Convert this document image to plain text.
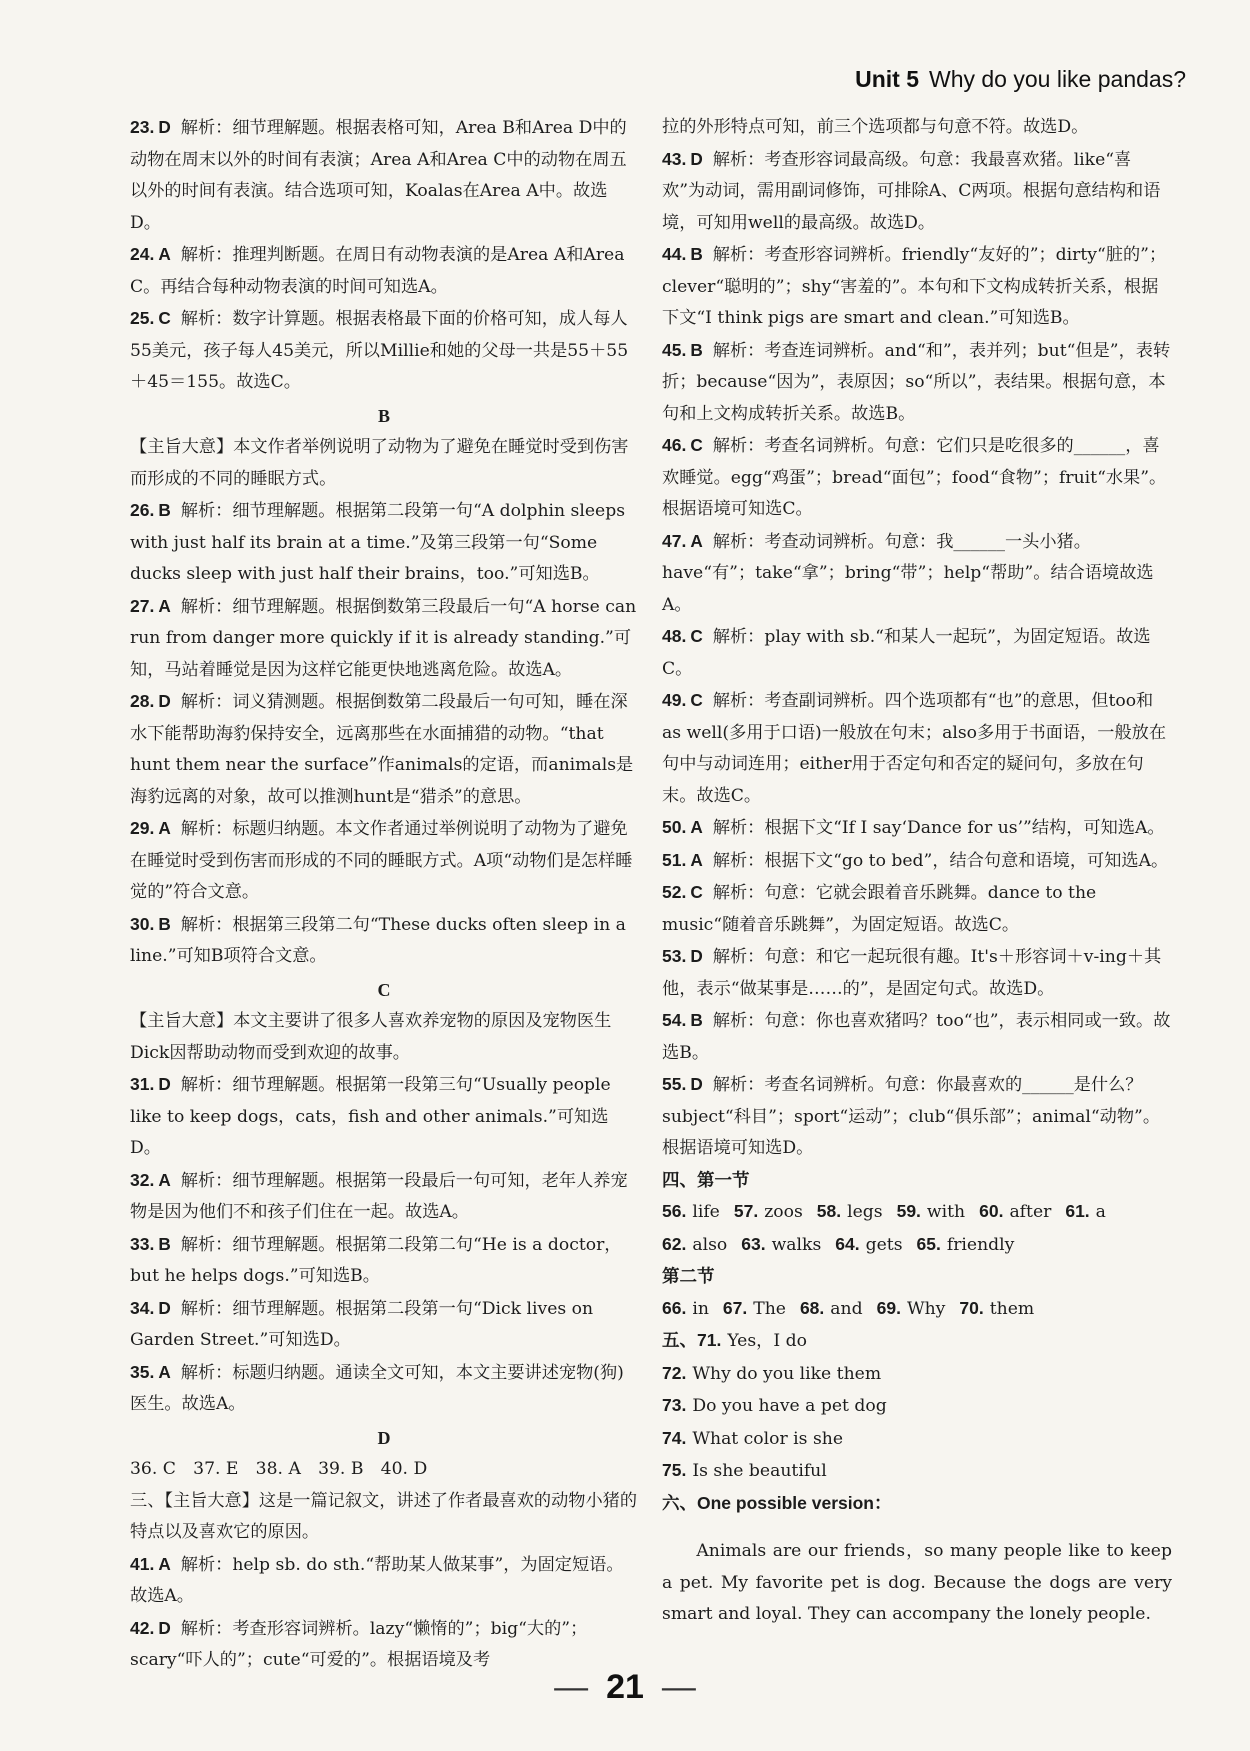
Unit 5 Why do you like pandas?

23. D 解析：细节理解题。根据表格可知，Area B和Area D中的动物在周末以外的时间有表演；Area A和Area C中的动物在周五以外的时间有表演。结合选项可知，Koalas在Area A中。故选D。

24. A 解析：推理判断题。在周日有动物表演的是Area A和Area C。再结合每种动物表演的时间可知选A。

25. C 解析：数字计算题。根据表格最下面的价格可知，成人每人55美元，孩子每人45美元，所以Millie和她的父母一共是55＋55＋45＝155。故选C。

B

【主旨大意】本文作者举例说明了动物为了避免在睡觉时受到伤害而形成的不同的睡眠方式。

26. B 解析：细节理解题。根据第二段第一句“A dolphin sleeps with just half its brain at a time.”及第三段第一句“Some ducks sleep with just half their brains，too.”可知选B。

27. A 解析：细节理解题。根据倒数第三段最后一句“A horse can run from danger more quickly if it is already standing.”可知，马站着睡觉是因为这样它能更快地逃离危险。故选A。

28. D 解析：词义猜测题。根据倒数第二段最后一句可知，睡在深水下能帮助海豹保持安全，远离那些在水面捕猎的动物。“that hunt them near the surface”作animals的定语，而animals是海豹远离的对象，故可以推测hunt是“猎杀”的意思。

29. A 解析：标题归纳题。本文作者通过举例说明了动物为了避免在睡觉时受到伤害而形成的不同的睡眠方式。A项“动物们是怎样睡觉的”符合文意。

30. B 解析：根据第三段第二句“These ducks often sleep in a line.”可知B项符合文意。

C

【主旨大意】本文主要讲了很多人喜欢养宠物的原因及宠物医生Dick因帮助动物而受到欢迎的故事。

31. D 解析：细节理解题。根据第一段第三句“Usually people like to keep dogs，cats，fish and other animals.”可知选D。

32. A 解析：细节理解题。根据第一段最后一句可知，老年人养宠物是因为他们不和孩子们住在一起。故选A。

33. B 解析：细节理解题。根据第二段第二句“He is a doctor，but he helps dogs.”可知选B。

34. D 解析：细节理解题。根据第二段第一句“Dick lives on Garden Street.”可知选D。

35. A 解析：标题归纳题。通读全文可知，本文主要讲述宠物(狗)医生。故选A。

D

36. C　37. E　38. A　39. B　40. D

三、【主旨大意】这是一篇记叙文，讲述了作者最喜欢的动物小猪的特点以及喜欢它的原因。

41. A 解析：help sb. do sth.“帮助某人做某事”，为固定短语。故选A。

42. D 解析：考查形容词辨析。lazy“懒惰的”；big“大的”；scary“吓人的”；cute“可爱的”。根据语境及考

拉的外形特点可知，前三个选项都与句意不符。故选D。

43. D 解析：考查形容词最高级。句意：我最喜欢猪。like“喜欢”为动词，需用副词修饰，可排除A、C两项。根据句意结构和语境，可知用well的最高级。故选D。

44. B 解析：考查形容词辨析。friendly“友好的”；dirty“脏的”；clever“聪明的”；shy“害羞的”。本句和下文构成转折关系，根据下文“I think pigs are smart and clean.”可知选B。

45. B 解析：考查连词辨析。and“和”，表并列；but“但是”，表转折；because“因为”，表原因；so“所以”，表结果。根据句意，本句和上文构成转折关系。故选B。

46. C 解析：考查名词辨析。句意：它们只是吃很多的______，喜欢睡觉。egg“鸡蛋”；bread“面包”；food“食物”；fruit“水果”。根据语境可知选C。

47. A 解析：考查动词辨析。句意：我______一头小猪。have“有”；take“拿”；bring“带”；help“帮助”。结合语境故选A。

48. C 解析：play with sb.“和某人一起玩”，为固定短语。故选C。

49. C 解析：考查副词辨析。四个选项都有“也”的意思，但too和as well(多用于口语)一般放在句末；also多用于书面语，一般放在句中与动词连用；either用于否定句和否定的疑问句，多放在句末。故选C。

50. A 解析：根据下文“If I say‘Dance for us’”结构，可知选A。

51. A 解析：根据下文“go to bed”，结合句意和语境，可知选A。

52. C 解析：句意：它就会跟着音乐跳舞。dance to the music“随着音乐跳舞”，为固定短语。故选C。

53. D 解析：句意：和它一起玩很有趣。It's＋形容词＋v-ing＋其他，表示“做某事是……的”，是固定句式。故选D。

54. B 解析：句意：你也喜欢猪吗？too“也”，表示相同或一致。故选B。

55. D 解析：考查名词辨析。句意：你最喜欢的______是什么？subject“科目”；sport“运动”；club“俱乐部”；animal“动物”。根据语境可知选D。

四、第一节

56. life 57. zoos 58. legs 59. with 60. after 61. a

62. also 63. walks 64. gets 65. friendly

第二节

66. in 67. The 68. and 69. Why 70. them

五、71. Yes，I do

72. Why do you like them

73. Do you have a pet dog

74. What color is she

75. Is she beautiful

六、One possible version：

Animals are our friends，so many people like to keep a pet. My favorite pet is dog. Because the dogs are very smart and loyal. They can accompany the lonely people.

— 21 —
